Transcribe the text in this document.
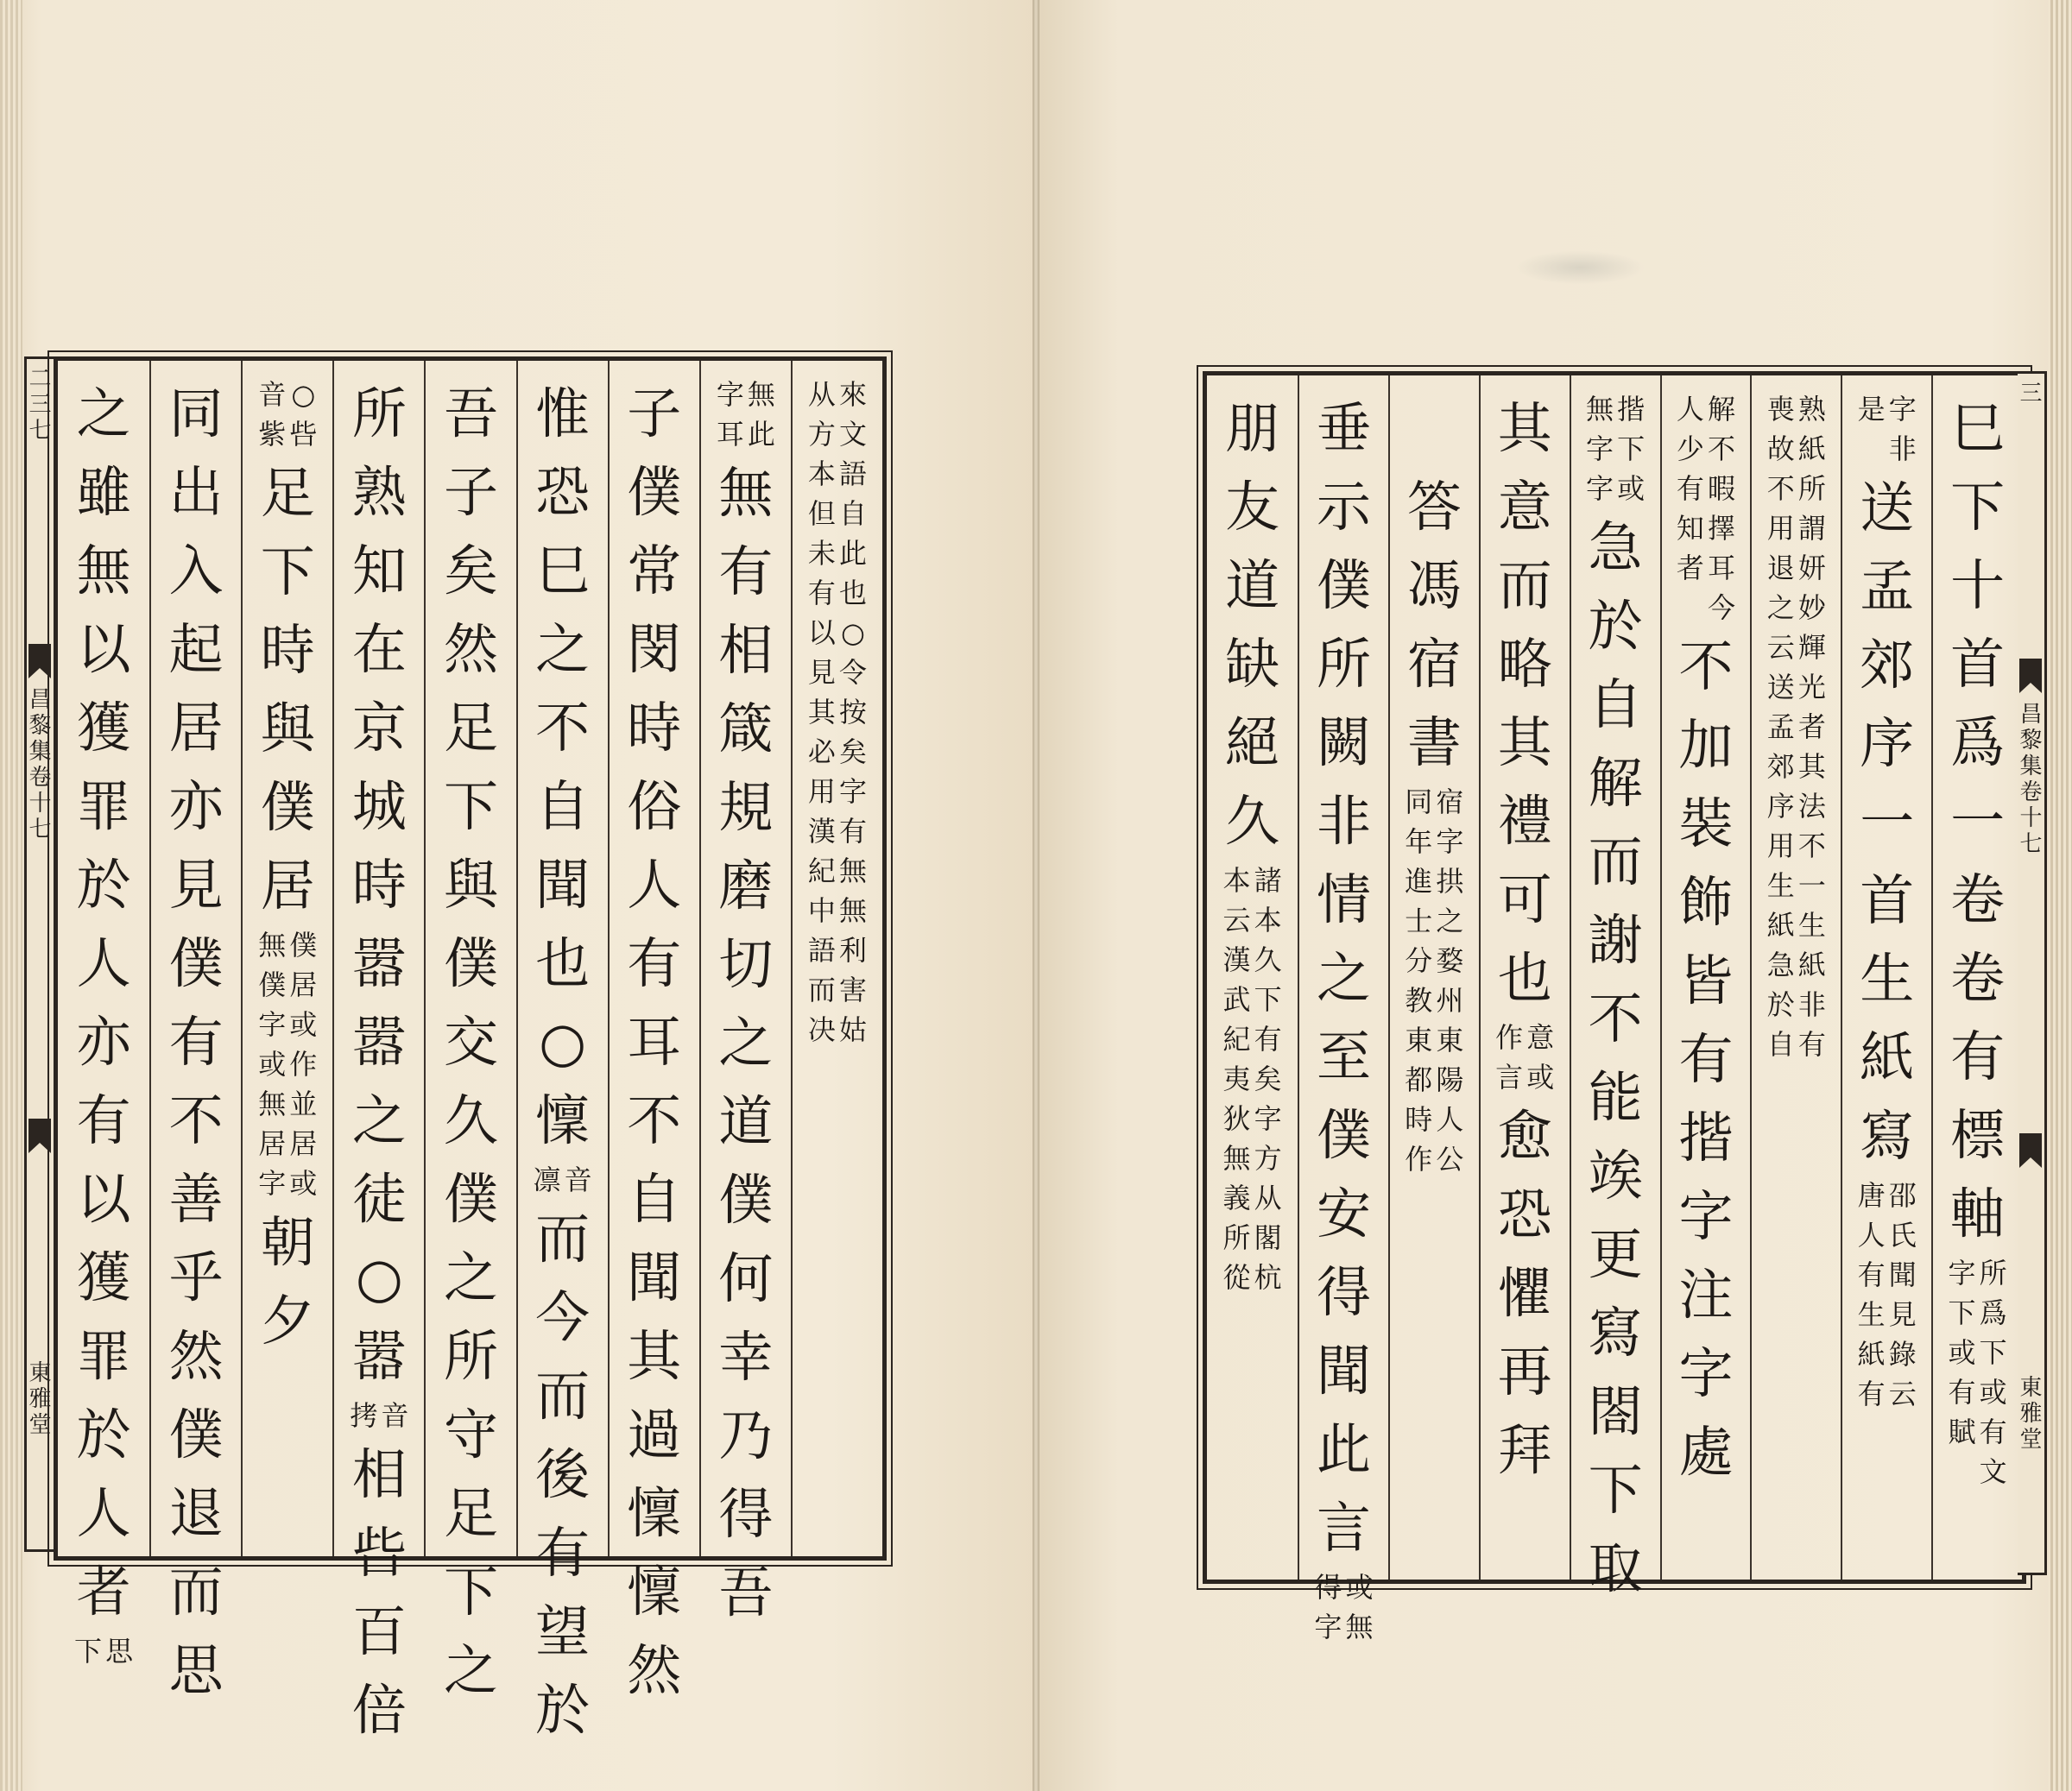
二
三
七
昌
黎
集
卷
十
七
東
雅
堂
來
文
語
自
此
也
○
令
按
矣
字
有
無
無
利
害
姑
从
方
本
但
未
有
以
見
其
必
用
漢
紀
中
語
而
决
無
此
字
耳
無
有
相
箴
規
磨
切
之
道
僕
何
幸
乃
得
吾
子
僕
常
閔
時
俗
人
有
耳
不
自
聞
其
過
懍
懍
然
惟
恐
巳
之
不
自
聞
也
○
懍
音
凛
而
今
而
後
有
望
於
吾
子
矣
然
足
下
與
僕
交
久
僕
之
所
守
足
下
之
所
熟
知
在
京
城
時
嚣
嚣
之
徒
○
嚣
音
拷
相
呰
百
倍
○
呰
音
紫
足
下
時
與
僕
居
僕
居
或
作
並
居
或
無
僕
字
或
無
居
字
朝
夕
同
出
入
起
居
亦
見
僕
有
不
善
乎
然
僕
退
而
思
之
雖
無
以
獲
罪
於
人
亦
有
以
獲
罪
於
人
者
思
下
巳
下
十
首
爲
一
卷
卷
有
標
軸
所
爲
下
或
有
文
字
下
或
有
賦
字
非
是
送
孟
郊
序
一
首
生
紙
寫
邵
氏
聞
見
錄
云
唐
人
有
生
紙
有
熟
紙
所
謂
妍
妙
輝
光
者
其
法
不
一
生
紙
非
有
喪
故
不
用
退
之
云
送
孟
郊
序
用
生
紙
急
於
自
解
不
暇
擇
耳
今
人
少
有
知
者
不
加
裝
飾
皆
有
揩
字
注
字
處
揩
下
或
無
字
字
急
於
自
解
而
謝
不
能
竢
更
寫
閤
下
取
其
意
而
略
其
禮
可
也
意
或
作
言
愈
恐
懼
再
拜

答
馮
宿
書
宿
字
拱
之
婺
州
東
陽
人
公
同
年
進
士
分
教
東
都
時
作
垂
示
僕
所
闕
非
情
之
至
僕
安
得
聞
此
言
或
無
得
字
朋
友
道
缺
絕
久
諸
本
久
下
有
矣
字
方
从
閣
杭
本
云
漢
武
紀
夷
狄
無
義
所
從
三
昌
黎
集
卷
十
七
東
雅
堂
